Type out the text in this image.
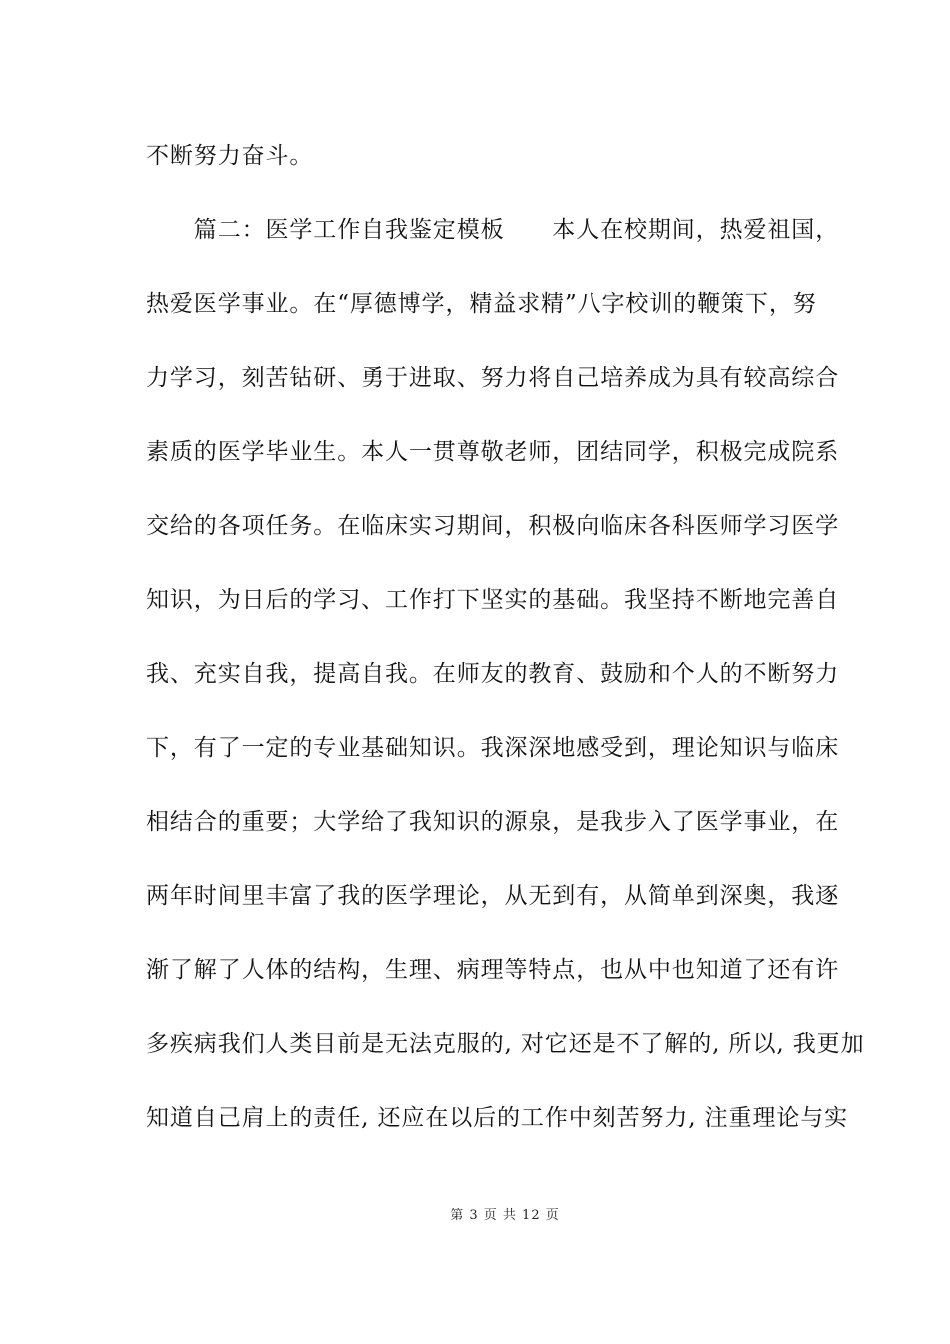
不断努力奋斗。
　　篇二：医学工作自我鉴定模板　　本人在校期间，热爱祖国，
热爱医学事业。在“厚德博学，精益求精”八字校训的鞭策下，努
力学习，刻苦钻研、勇于进取、努力将自己培养成为具有较高综合
素质的医学毕业生。本人一贯尊敬老师，团结同学，积极完成院系
交给的各项任务。在临床实习期间，积极向临床各科医师学习医学
知识，为日后的学习、工作打下坚实的基础。我坚持不断地完善自
我、充实自我，提高自我。在师友的教育、鼓励和个人的不断努力
下，有了一定的专业基础知识。我深深地感受到，理论知识与临床
相结合的重要；大学给了我知识的源泉，是我步入了医学事业，在
两年时间里丰富了我的医学理论，从无到有，从简单到深奥，我逐
渐了解了人体的结构，生理、病理等特点，也从中也知道了还有许
多疾病我们人类目前是无法克服的, 对它还是不了解的, 所以, 我更加
知道自己肩上的责任, 还应在以后的工作中刻苦努力, 注重理论与实
第 3 页 共 12 页
